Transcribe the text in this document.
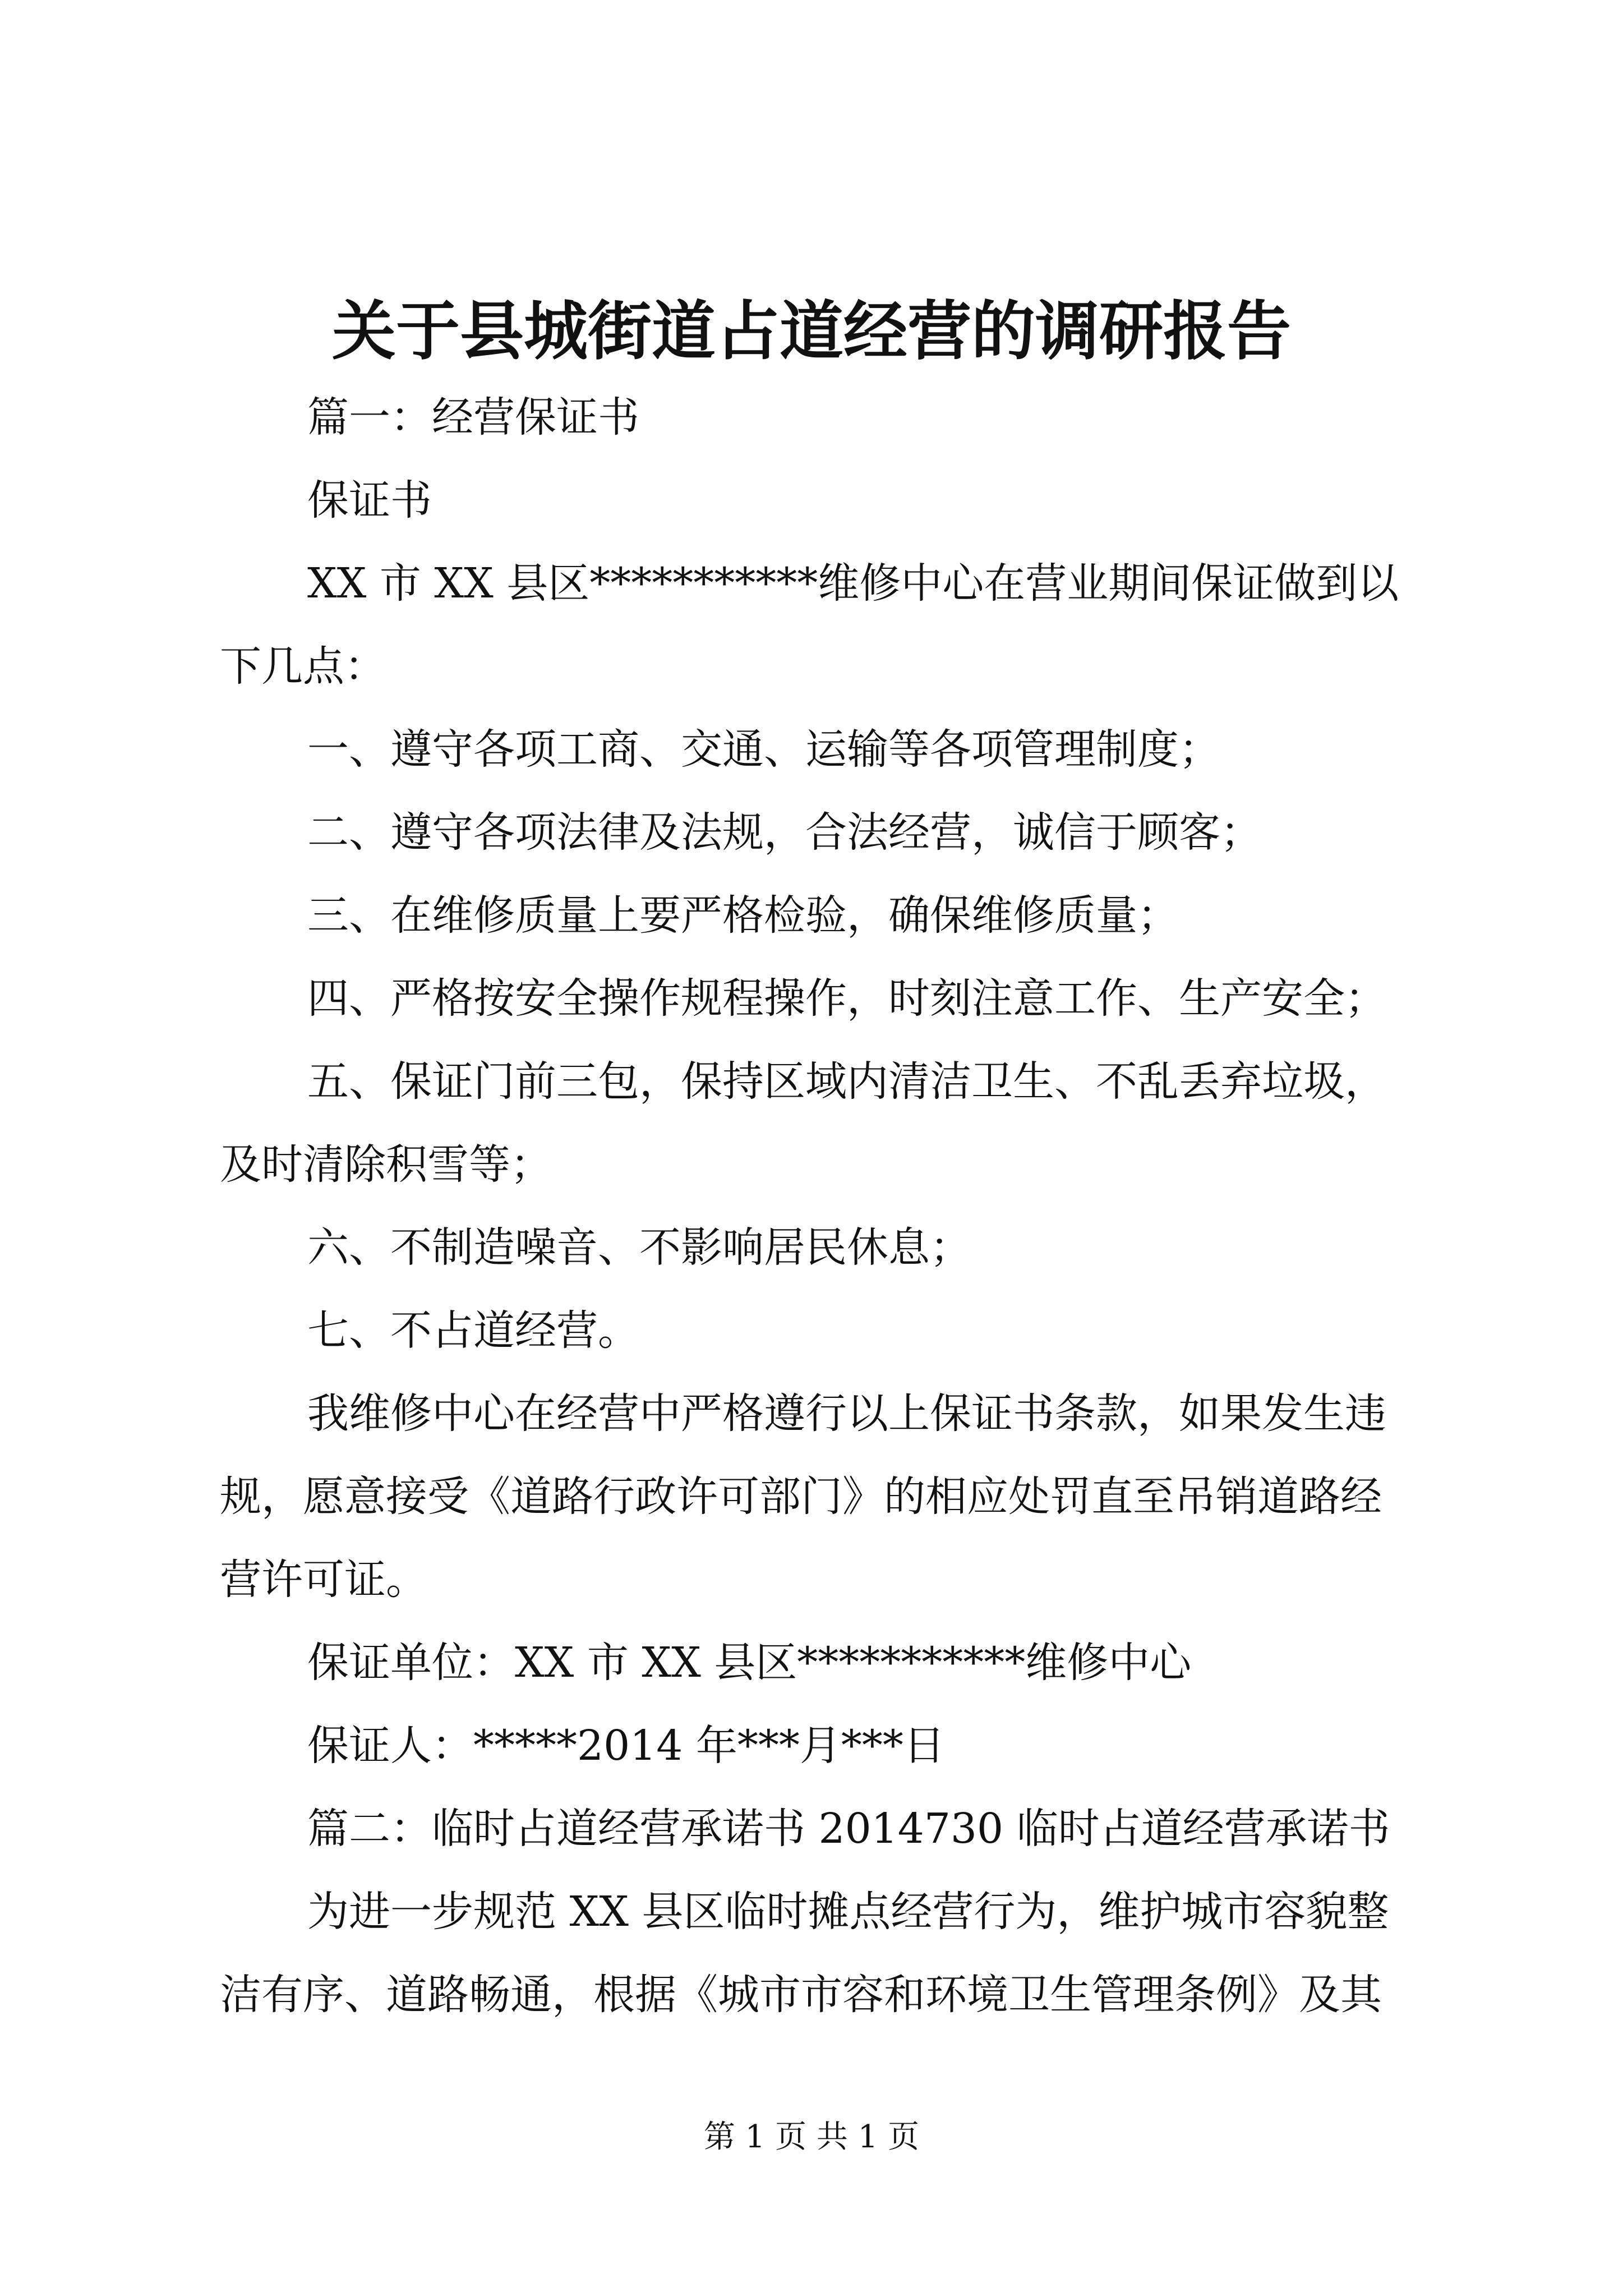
关于县城街道占道经营的调研报告
篇一：经营保证书
保证书
XX 市 XX 县区***********维修中心在营业期间保证做到以
下几点：
一、遵守各项工商、交通、运输等各项管理制度；
二、遵守各项法律及法规，合法经营，诚信于顾客；
三、在维修质量上要严格检验，确保维修质量；
四、严格按安全操作规程操作，时刻注意工作、生产安全；
五、保证门前三包，保持区域内清洁卫生、不乱丢弃垃圾，
及时清除积雪等；
六、不制造噪音、不影响居民休息；
七、不占道经营。
我维修中心在经营中严格遵行以上保证书条款，如果发生违
规，愿意接受《道路行政许可部门》的相应处罚直至吊销道路经
营许可证。
保证单位：XX 市 XX 县区***********维修中心
保证人：*****2014 年***月***日
篇二：临时占道经营承诺书 2014730 临时占道经营承诺书
为进一步规范 XX 县区临时摊点经营行为，维护城市容貌整
洁有序、道路畅通，根据《城市市容和环境卫生管理条例》及其
第 1 页 共 1 页
